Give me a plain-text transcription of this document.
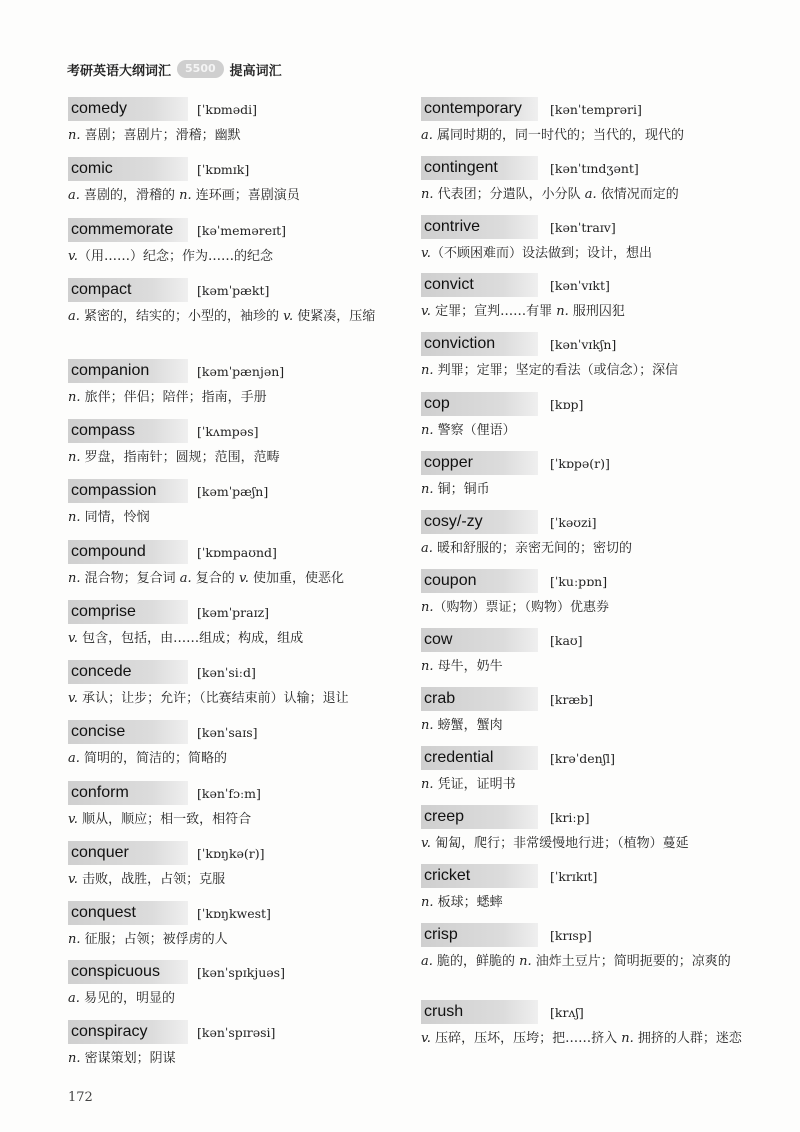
考研英语大纲词汇	5500	提高词汇
comedy	[ˈkɒmədi]
n. 喜剧；喜剧片；滑稽；幽默
comic	[ˈkɒmɪk]
a. 喜剧的，滑稽的 n. 连环画；喜剧演员
commemorate	[kəˈmeməreɪt]
v.（用……）纪念；作为……的纪念
compact	[kəmˈpækt]
a. 紧密的，结实的；小型的，袖珍的 v. 使紧凑，压缩
companion	[kəmˈpænjən]
n. 旅伴；伴侣；陪伴；指南，手册
compass	[ˈkʌmpəs]
n. 罗盘，指南针；圆规；范围，范畴
compassion	[kəmˈpæʃn]
n. 同情，怜悯
compound	[ˈkɒmpaʊnd]
n. 混合物；复合词 a. 复合的 v. 使加重，使恶化
comprise	[kəmˈpraɪz]
v. 包含，包括，由……组成；构成，组成
concede	[kənˈsiːd]
v. 承认；让步；允许；（比赛结束前）认输；退让
concise	[kənˈsaɪs]
a. 简明的，简洁的；简略的
conform	[kənˈfɔːm]
v. 顺从，顺应；相一致，相符合
conquer	[ˈkɒŋkə(r)]
v. 击败，战胜，占领；克服
conquest	[ˈkɒŋkwest]
n. 征服；占领；被俘虏的人
conspicuous	[kənˈspɪkjuəs]
a. 易见的，明显的
conspiracy	[kənˈspɪrəsi]
n. 密谋策划；阴谋
contemporary	[kənˈtemprəri]
a. 属同时期的，同一时代的；当代的，现代的
contingent	[kənˈtɪndʒənt]
n. 代表团；分遣队，小分队 a. 依情况而定的
contrive	[kənˈtraɪv]
v.（不顾困难而）设法做到；设计，想出
convict	[kənˈvɪkt]
v. 定罪；宣判……有罪 n. 服刑囚犯
conviction	[kənˈvɪkʃn]
n. 判罪；定罪；坚定的看法（或信念）；深信
cop	[kɒp]
n. 警察（俚语）
copper	[ˈkɒpə(r)]
n. 铜；铜币
cosy/-zy	[ˈkəʊzi]
a. 暖和舒服的；亲密无间的；密切的
coupon	[ˈkuːpɒn]
n.（购物）票证；（购物）优惠券
cow	[kaʊ]
n. 母牛，奶牛
crab	[kræb]
n. 螃蟹，蟹肉
credential	[krəˈdenʃl]
n. 凭证，证明书
creep	[kriːp]
v. 匍匐，爬行；非常缓慢地行进；（植物）蔓延
cricket	[ˈkrɪkɪt]
n. 板球；蟋蟀
crisp	[krɪsp]
a. 脆的，鲜脆的 n. 油炸土豆片；简明扼要的；凉爽的
crush	[krʌʃ]
v. 压碎，压坏，压垮；把……挤入 n. 拥挤的人群；迷恋
172
